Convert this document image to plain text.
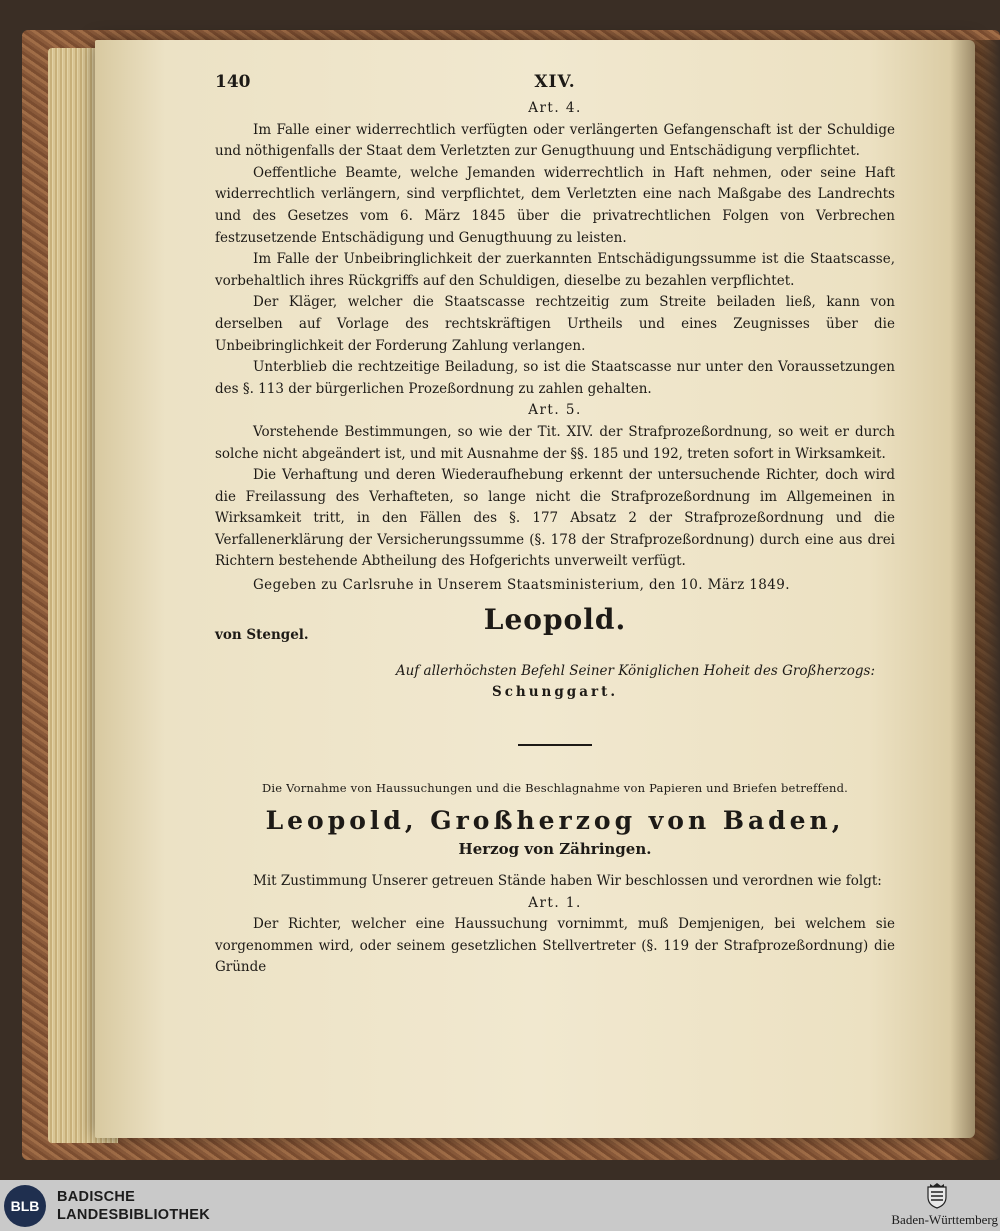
140	XIV.
Art. 4.

Im Falle einer widerrechtlich verfügten oder verlängerten Gefangenschaft ist der Schuldige und nöthigenfalls der Staat dem Verletzten zur Genugthuung und Entschädigung verpflichtet.

Oeffentliche Beamte, welche Jemanden widerrechtlich in Haft nehmen, oder seine Haft widerrechtlich verlängern, sind verpflichtet, dem Verletzten eine nach Maßgabe des Landrechts und des Gesetzes vom 6. März 1845 über die privatrechtlichen Folgen von Verbrechen festzusetzende Entschädigung und Genugthuung zu leisten.

Im Falle der Unbeibringlichkeit der zuerkannten Entschädigungssumme ist die Staatscasse, vorbehaltlich ihres Rückgriffs auf den Schuldigen, dieselbe zu bezahlen verpflichtet.

Der Kläger, welcher die Staatscasse rechtzeitig zum Streite beiladen ließ, kann von derselben auf Vorlage des rechtskräftigen Urtheils und eines Zeugnisses über die Unbeibringlichkeit der Forderung Zahlung verlangen.

Unterblieb die rechtzeitige Beiladung, so ist die Staatscasse nur unter den Voraussetzungen des §. 113 der bürgerlichen Prozeßordnung zu zahlen gehalten.

Art. 5.

Vorstehende Bestimmungen, so wie der Tit. XIV. der Strafprozeßordnung, so weit er durch solche nicht abgeändert ist, und mit Ausnahme der §§. 185 und 192, treten sofort in Wirksamkeit.

Die Verhaftung und deren Wiederaufhebung erkennt der untersuchende Richter, doch wird die Freilassung des Verhafteten, so lange nicht die Strafprozeßordnung im Allgemeinen in Wirksamkeit tritt, in den Fällen des §. 177 Absatz 2 der Strafprozeßordnung und die Verfallenerklärung der Versicherungssumme (§. 178 der Strafprozeßordnung) durch eine aus drei Richtern bestehende Abtheilung des Hofgerichts unverweilt verfügt.

Gegeben zu Carlsruhe in Unserem Staatsministerium, den 10. März 1849.

Leopold.
von Stengel.
Auf allerhöchsten Befehl Seiner Königlichen Hoheit des Großherzogs:
Schunggart.
Die Vornahme von Haussuchungen und die Beschlagnahme von Papieren und Briefen betreffend.
Leopold, Großherzog von Baden,
Herzog von Zähringen.

Mit Zustimmung Unserer getreuen Stände haben Wir beschlossen und verordnen wie folgt:

Art. 1.

Der Richter, welcher eine Haussuchung vornimmt, muß Demjenigen, bei welchem sie vorgenommen wird, oder seinem gesetzlichen Stellvertreter (§. 119 der Strafprozeßordnung) die Gründe

BLB
BADISCHE
LANDESBIBLIOTHEK	Baden-Württemberg
